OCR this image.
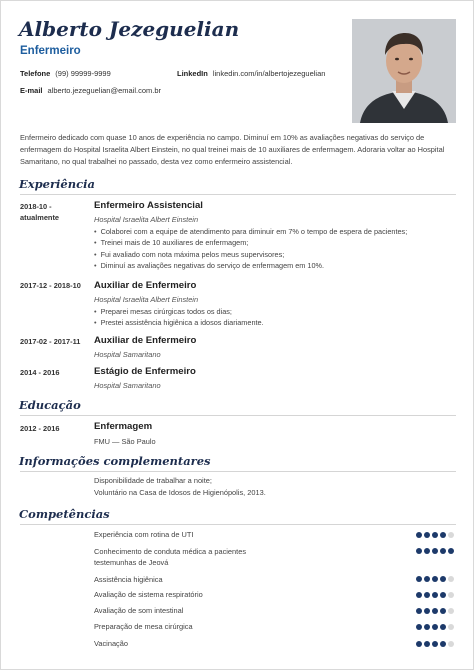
Alberto Jezeguelian
Enfermeiro
Telefone (99) 99999-9999	LinkedIn linkedin.com/in/albertojezeguelian
E-mail alberto.jezeguelian@email.com.br
Enfermeiro dedicado com quase 10 anos de experiência no campo. Diminuí em 10% as avaliações negativas do serviço de enfermagem do Hospital Israelita Albert Einstein, no qual treinei mais de 10 auxiliares de enfermagem. Adoraria voltar ao Hospital Samaritano, no qual trabalhei no passado, desta vez como enfermeiro assistencial.
Experiência
2018-10 -
atualmente
Enfermeiro Assistencial
Hospital Israelita Albert Einstein
• Colaborei com a equipe de atendimento para diminuir em 7% o tempo de espera de pacientes;
• Treinei mais de 10 auxiliares de enfermagem;
• Fui avaliado com nota máxima pelos meus supervisores;
• Diminuí as avaliações negativas do serviço de enfermagem em 10%.
2017-12 - 2018-10 Auxiliar de Enfermeiro
Hospital Israelita Albert Einstein
• Preparei mesas cirúrgicas todos os dias;
• Prestei assistência higiênica a idosos diariamente.
2017-02 - 2017-11 Auxiliar de Enfermeiro
Hospital Samaritano
2014 - 2016	Estágio de Enfermeiro
Hospital Samaritano
Educação
2012 - 2016	Enfermagem
FMU — São Paulo
Informações complementares
Disponibilidade de trabalhar a noite;
Voluntário na Casa de Idosos de Higienópolis, 2013.
Competências
Experiência com rotina de UTI
Conhecimento de conduta médica a pacientes testemunhas de Jeová
Assistência higiênica
Avaliação de sistema respiratório
Avaliação de som intestinal
Preparação de mesa cirúrgica
Vacinação
